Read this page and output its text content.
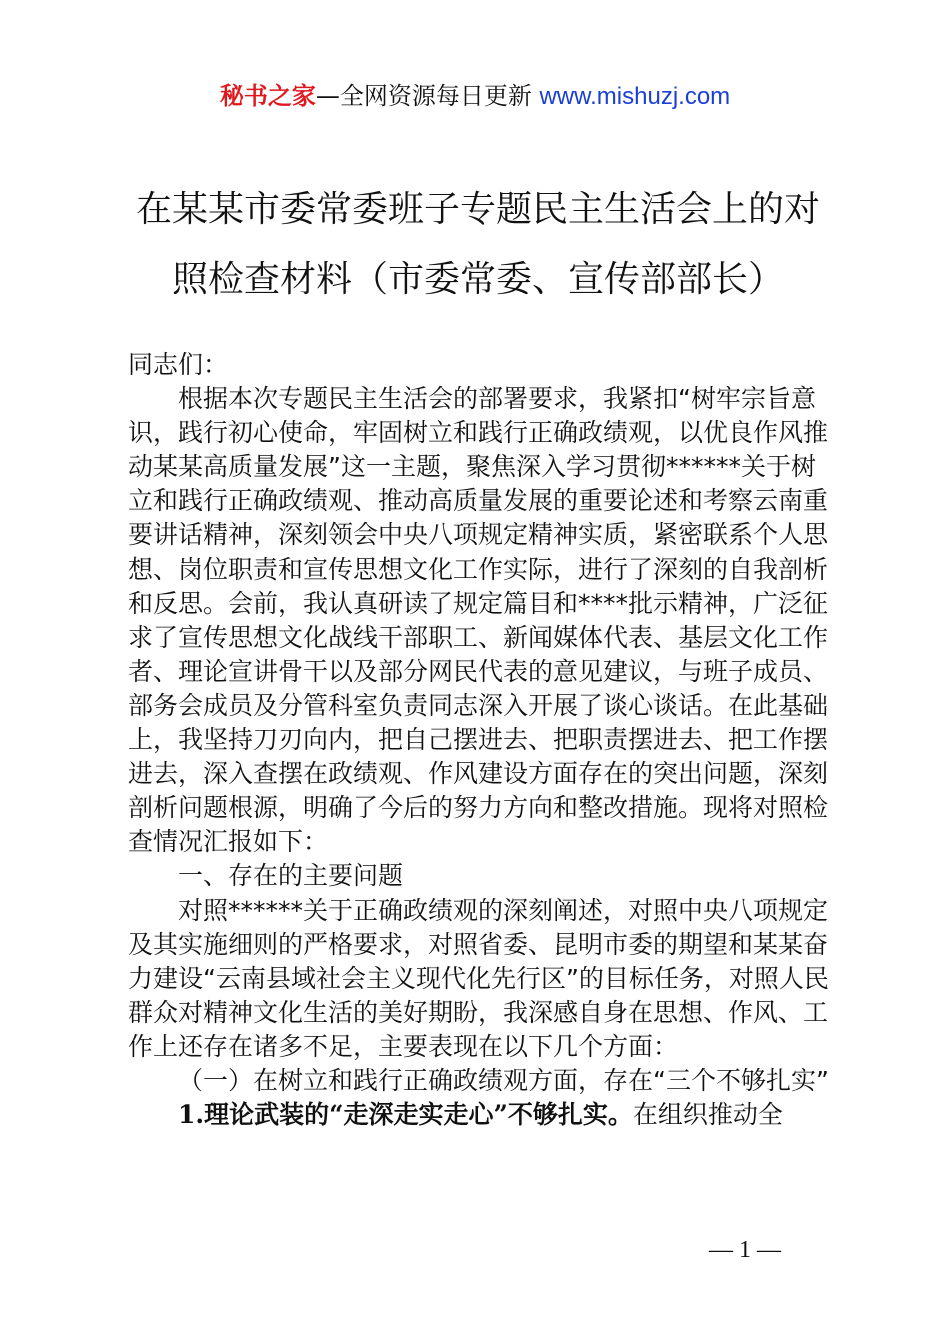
秘书之家—全网资源每日更新 www.mishuzj.com
在某某市委常委班子专题民主生活会上的对
照检查材料（市委常委、宣传部部长）

同志们：

根据本次专题民主生活会的部署要求，我紧扣“树牢宗旨意识，践行初心使命，牢固树立和践行正确政绩观，以优良作风推动某某高质量发展”这一主题，聚焦深入学习贯彻******关于树立和践行正确政绩观、推动高质量发展的重要论述和考察云南重要讲话精神，深刻领会中央八项规定精神实质，紧密联系个人思想、岗位职责和宣传思想文化工作实际，进行了深刻的自我剖析和反思。会前，我认真研读了规定篇目和****批示精神，广泛征求了宣传思想文化战线干部职工、新闻媒体代表、基层文化工作者、理论宣讲骨干以及部分网民代表的意见建议，与班子成员、部务会成员及分管科室负责同志深入开展了谈心谈话。在此基础上，我坚持刀刃向内，把自己摆进去、把职责摆进去、把工作摆进去，深入查摆在政绩观、作风建设方面存在的突出问题，深刻剖析问题根源，明确了今后的努力方向和整改措施。现将对照检查情况汇报如下：

一、存在的主要问题

对照******关于正确政绩观的深刻阐述，对照中央八项规定及其实施细则的严格要求，对照省委、昆明市委的期望和某某奋力建设“云南县域社会主义现代化先行区”的目标任务，对照人民群众对精神文化生活的美好期盼，我深感自身在思想、作风、工作上还存在诸多不足，主要表现在以下几个方面：

（一）在树立和践行正确政绩观方面，存在“三个不够扎实”

1.理论武装的“走深走实走心”不够扎实。在组织推动全

— 1 —
